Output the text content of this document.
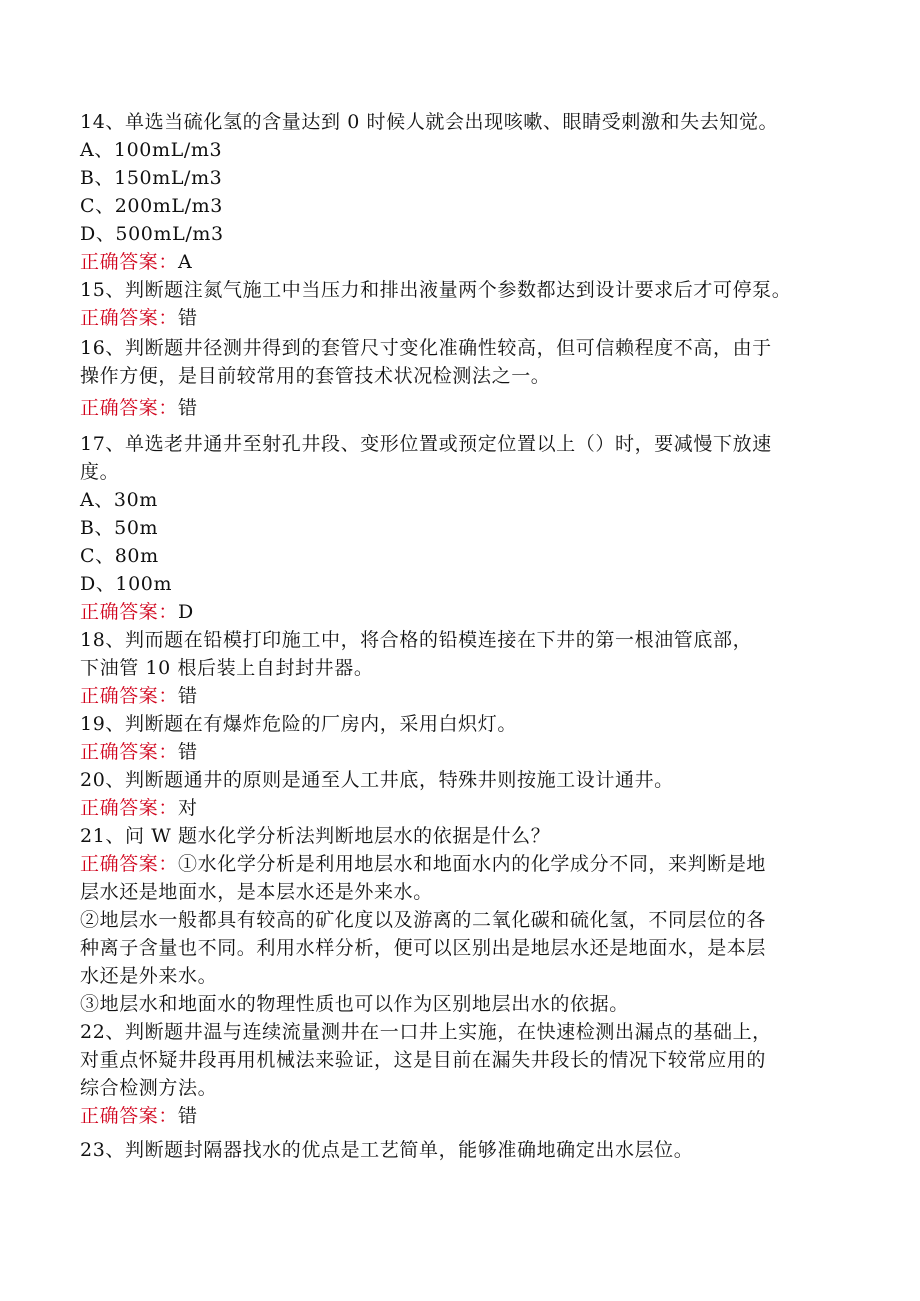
14、单选当硫化氢的含量达到 0 时候人就会出现咳嗽、眼睛受刺激和失去知觉。
A、100mL/m3
B、150mL/m3
C、200mL/m3
D、500mL/m3
正确答案：A
15、判断题注氮气施工中当压力和排出液量两个参数都达到设计要求后才可停泵。
正确答案：错
16、判断题井径测井得到的套管尺寸变化准确性较高，但可信赖程度不高，由于
操作方便，是目前较常用的套管技术状况检测法之一。
正确答案：错
17、单选老井通井至射孔井段、变形位置或预定位置以上（）时，要减慢下放速
度。
A、30m
B、50m
C、80m
D、100m
正确答案：D
18、判而题在铅模打印施工中，将合格的铅模连接在下井的第一根油管底部，
下油管 10 根后装上自封封井器。
正确答案：错
19、判断题在有爆炸危险的厂房内，采用白炽灯。
正确答案：错
20、判断题通井的原则是通至人工井底，特殊井则按施工设计通井。
正确答案：对
21、问 W 题水化学分析法判断地层水的依据是什么？
正确答案：①水化学分析是利用地层水和地面水内的化学成分不同，来判断是地
层水还是地面水，是本层水还是外来水。
②地层水一般都具有较高的矿化度以及游离的二氧化碳和硫化氢，不同层位的各
种离子含量也不同。利用水样分析，便可以区别出是地层水还是地面水，是本层
水还是外来水。
③地层水和地面水的物理性质也可以作为区别地层出水的依据。
22、判断题井温与连续流量测井在一口井上实施，在快速检测出漏点的基础上，
对重点怀疑井段再用机械法来验证，这是目前在漏失井段长的情况下较常应用的
综合检测方法。
正确答案：错
23、判断题封隔器找水的优点是工艺简单，能够准确地确定出水层位。
